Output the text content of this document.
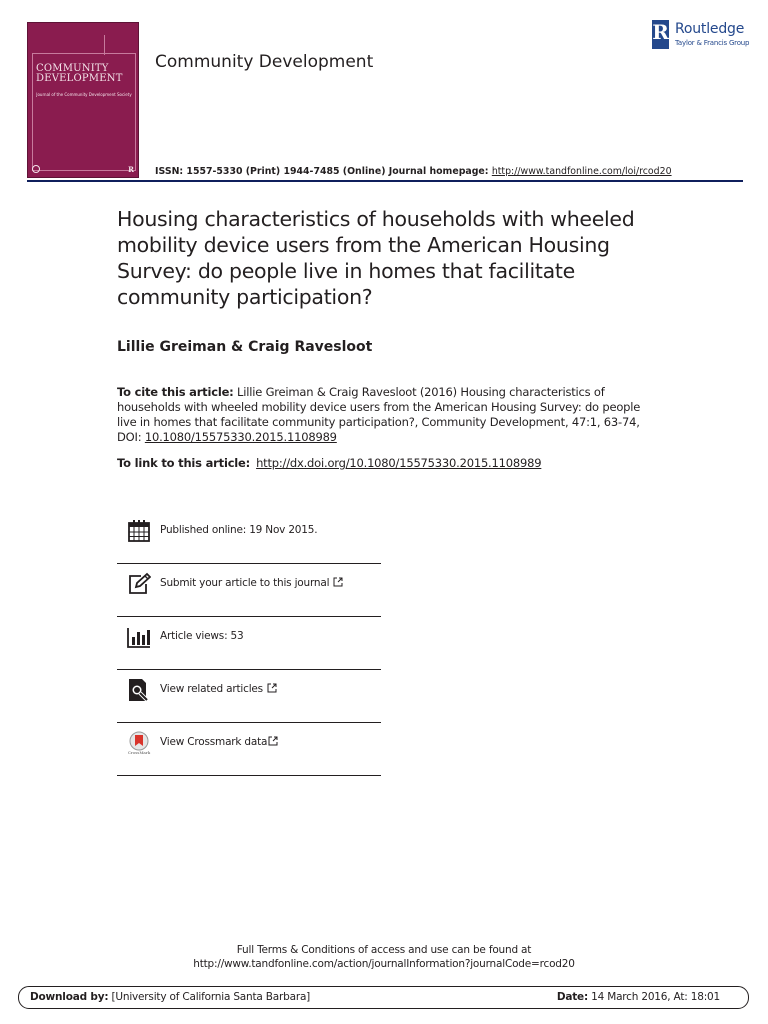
COMMUNITY
DEVELOPMENT
Journal of the Community Development Society
R
Community Development
R Routledge
Taylor & Francis Group
ISSN: 1557-5330 (Print) 1944-7485 (Online) Journal homepage: http://www.tandfonline.com/loi/rcod20
Housing characteristics of households with wheeled mobility device users from the American Housing Survey: do people live in homes that facilitate community participation?
Lillie Greiman & Craig Ravesloot
To cite this article: Lillie Greiman & Craig Ravesloot (2016) Housing characteristics of households with wheeled mobility device users from the American Housing Survey: do people live in homes that facilitate community participation?, Community Development, 47:1, 63-74, DOI: 10.1080/15575330.2015.1108989
To link to this article: http://dx.doi.org/10.1080/15575330.2015.1108989
Published online: 19 Nov 2015.
Submit your article to this journal
Article views: 53
View related articles
CrossMark
View Crossmark data
Full Terms & Conditions of access and use can be found at
http://www.tandfonline.com/action/journalInformation?journalCode=rcod20
Download by: [University of California Santa Barbara]	Date: 14 March 2016, At: 18:01
